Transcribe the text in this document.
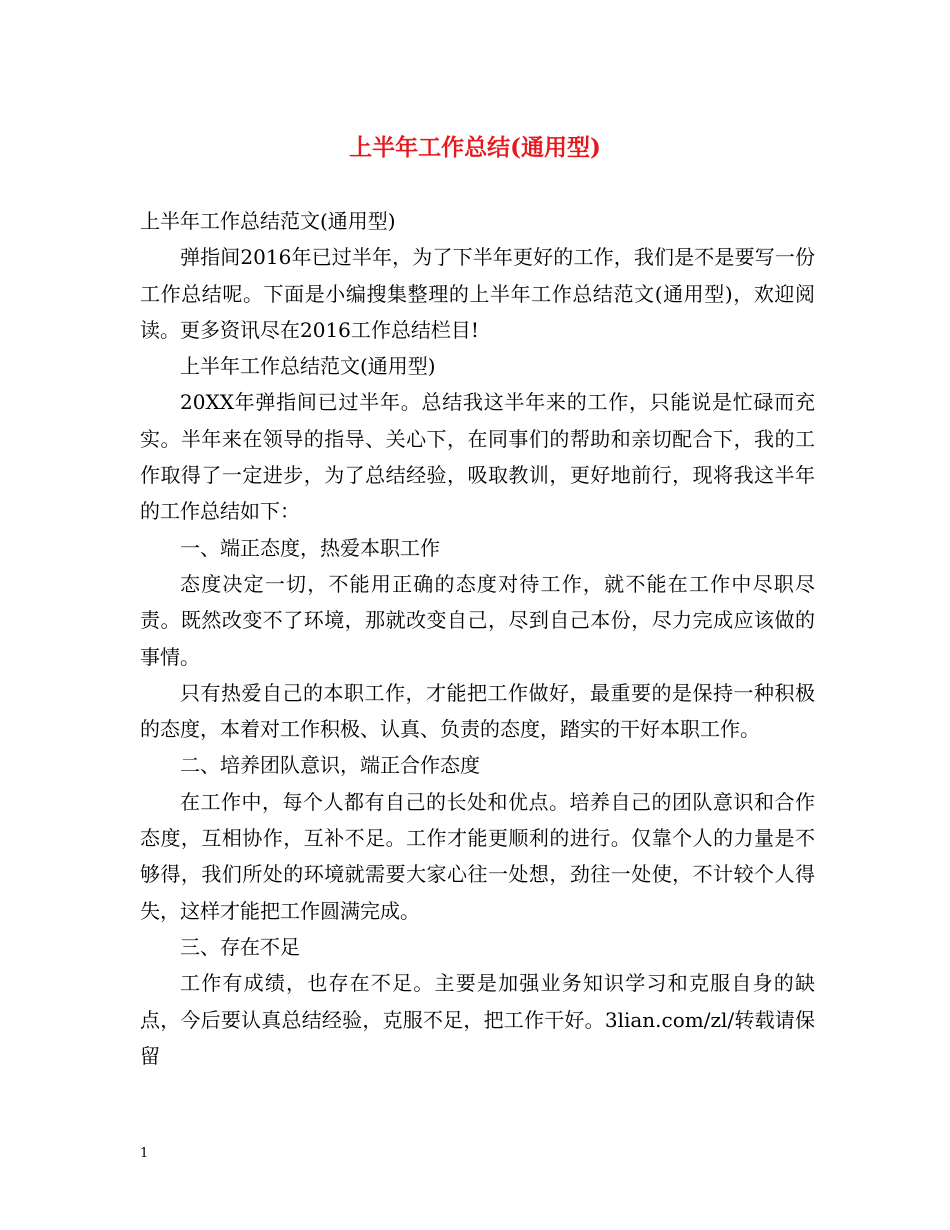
上半年工作总结(通用型)

上半年工作总结范文(通用型)

弹指间2016年已过半年，为了下半年更好的工作，我们是不是要写一份工作总结呢。下面是小编搜集整理的上半年工作总结范文(通用型)，欢迎阅读。更多资讯尽在2016工作总结栏目!

上半年工作总结范文(通用型)

20XX年弹指间已过半年。总结我这半年来的工作，只能说是忙碌而充实。半年来在领导的指导、关心下，在同事们的帮助和亲切配合下，我的工作取得了一定进步，为了总结经验，吸取教训，更好地前行，现将我这半年的工作总结如下：

一、端正态度，热爱本职工作

态度决定一切，不能用正确的态度对待工作，就不能在工作中尽职尽责。既然改变不了环境，那就改变自己，尽到自己本份，尽力完成应该做的事情。

只有热爱自己的本职工作，才能把工作做好，最重要的是保持一种积极的态度，本着对工作积极、认真、负责的态度，踏实的干好本职工作。

二、培养团队意识，端正合作态度

在工作中，每个人都有自己的长处和优点。培养自己的团队意识和合作态度，互相协作，互补不足。工作才能更顺利的进行。仅靠个人的力量是不够得，我们所处的环境就需要大家心往一处想，劲往一处使，不计较个人得失，这样才能把工作圆满完成。

三、存在不足

工作有成绩，也存在不足。主要是加强业务知识学习和克服自身的缺点，今后要认真总结经验，克服不足，把工作干好。3lian.com/zl/转载请保留

1
